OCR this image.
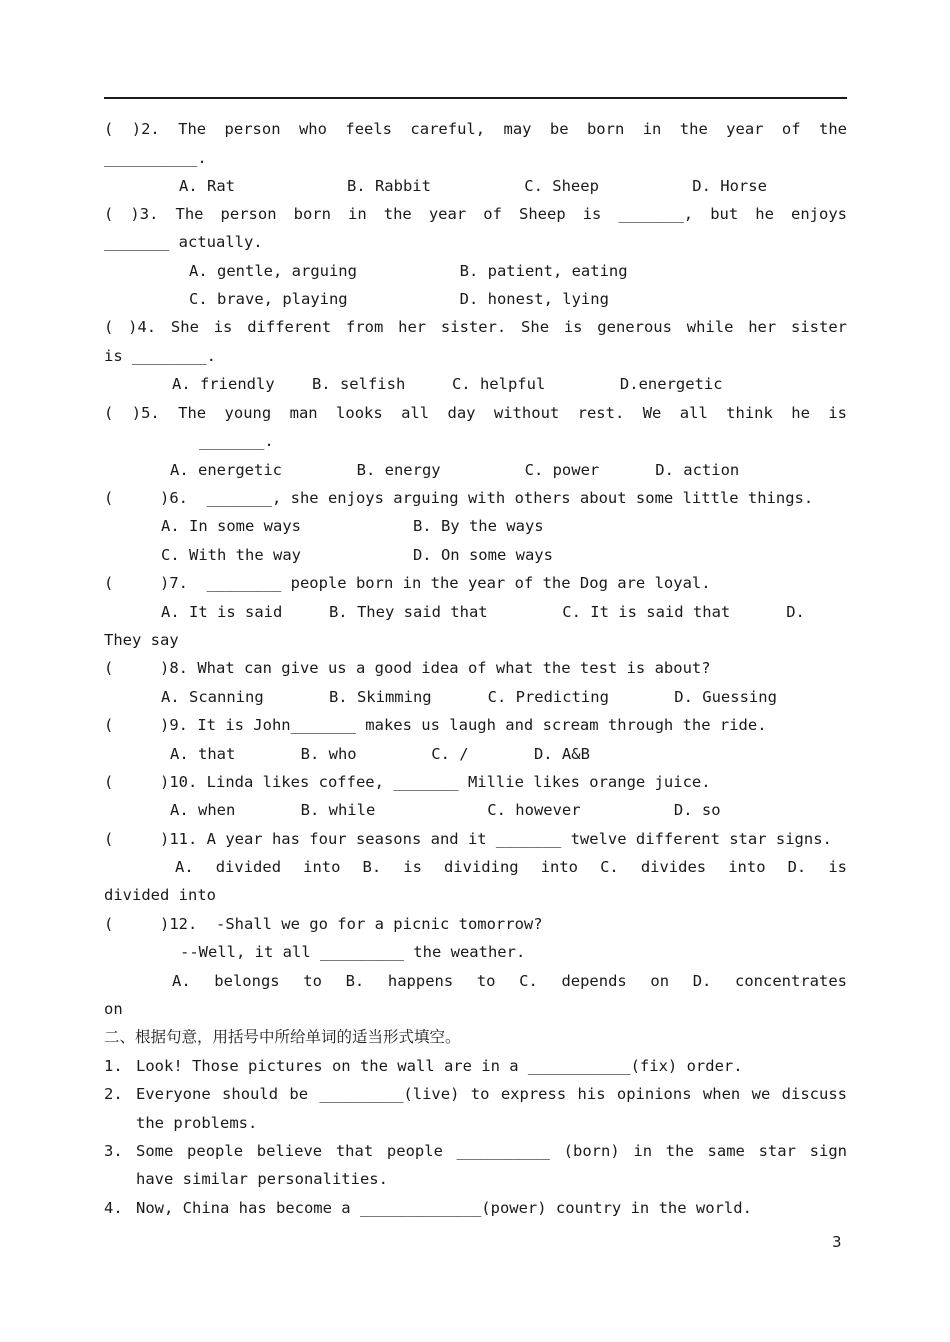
( )2. The person who feels careful, may be born in the year of the
__________.
A. Rat            B. Rabbit          C. Sheep          D. Horse
( )3. The person born in the year of Sheep is _______, but he enjoys
_______ actually.
A. gentle, arguing           B. patient, eating
C. brave, playing            D. honest, lying
( )4. She is different from her sister. She is generous while her sister
is ________.
A. friendly    B. selfish     C. helpful        D.energetic
( )5. The young man looks all day without rest. We all think he is
_______.
A. energetic        B. energy         C. power      D. action
(     )6.  _______, she enjoys arguing with others about some little things.
A. In some ways            B. By the ways
C. With the way            D. On some ways
(     )7.  ________ people born in the year of the Dog are loyal.
A. It is said     B. They said that        C. It is said that      D.
They say
(     )8. What can give us a good idea of what the test is about?
A. Scanning       B. Skimming      C. Predicting       D. Guessing
(     )9. It is John_______ makes us laugh and scream through the ride.
A. that       B. who        C. /       D. A&B
(     )10. Linda likes coffee, _______ Millie likes orange juice.
A. when       B. while            C. however          D. so
(     )11. A year has four seasons and it _______ twelve different star signs.
A. divided into B. is dividing into C. divides into D. is
divided into
(     )12.  -Shall we go for a picnic tomorrow?
--Well, it all _________ the weather.
A. belongs to B. happens to C. depends on D. concentrates
on
二、根据句意，用括号中所给单词的适当形式填空。
1. Look! Those pictures on the wall are in a ___________(fix) order.
2. Everyone should be _________(live) to express his opinions when we discuss
the problems.
3. Some people believe that people __________ (born) in the same star sign
have similar personalities.
4. Now, China has become a _____________(power) country in the world.
3
